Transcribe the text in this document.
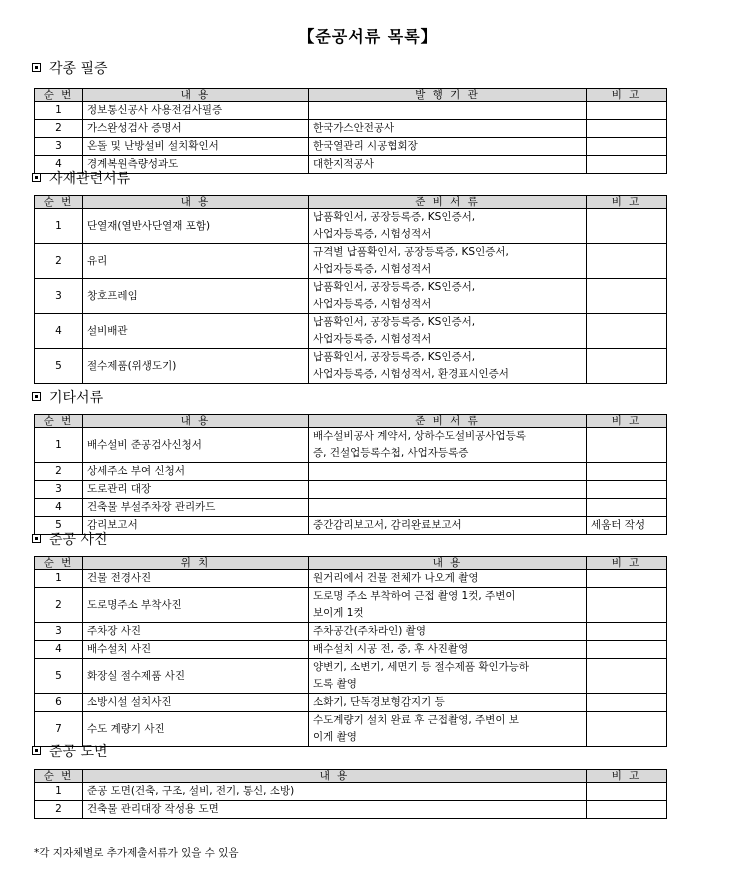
【준공서류 목록】
각종 필증
순 번	내 용	발 행 기 관	비 고
1	정보통신공사 사용전검사필증		
2	가스완성검사 증명서	한국가스안전공사	
3	온돌 및 난방설비 설치확인서	한국열관리 시공협회장	
4	경계복원측량성과도	대한지적공사	
자재관련서류
순 번	내 용	준 비 서 류	비 고
1	단열재(열반사단열재 포함)	납품확인서, 공장등록증, KS인증서,
사업자등록증, 시험성적서	

2	유리	규격별 납품확인서, 공장등록증, KS인증서,
사업자등록증, 시험성적서	

3	창호프레임	납품확인서, 공장등록증, KS인증서,
사업자등록증, 시험성적서	

4	설비배관	납품확인서, 공장등록증, KS인증서,
사업자등록증, 시험성적서	

5	절수제품(위생도기)	납품확인서, 공장등록증, KS인증서,
사업자등록증, 시험성적서, 환경표시인증서	

기타서류
순 번	내 용	준 비 서 류	비 고
1	배수설비 준공검사신청서	배수설비공사 계약서, 상하수도설비공사업등록
증, 건설업등록수첩, 사업자등록증	

2	상세주소 부여 신청서		
3	도로관리 대장		
4	건축물 부설주차장 관리카드		
5	감리보고서	중간감리보고서, 감리완료보고서	세움터 작성
준공 사진
순 번	위 치	내 용	비 고
1	건물 전경사진	원거리에서 건물 전체가 나오게 촬영	
2	도로명주소 부착사진	도로명 주소 부착하여 근접 촬영 1컷, 주변이
보이게 1컷	

3	주차장 사진	주차공간(주차라인) 촬영	
4	배수설치 사진	배수설치 시공 전, 중, 후 사진촬영	
5	화장실 절수제품 사진	양변기, 소변기, 세면기 등 절수제품 확인가능하
도록 촬영	

6	소방시설 설치사진	소화기, 단독경보형감지기 등	
7	수도 계량기 사진	수도계량기 설치 완료 후 근접촬영, 주변이 보
이게 촬영	

준공 도면
순 번	내 용	비 고
1	준공 도면(건축, 구조, 설비, 전기, 통신, 소방)	
2	건축물 관리대장 작성용 도면	
*각 지자체별로 추가제출서류가 있을 수 있음
